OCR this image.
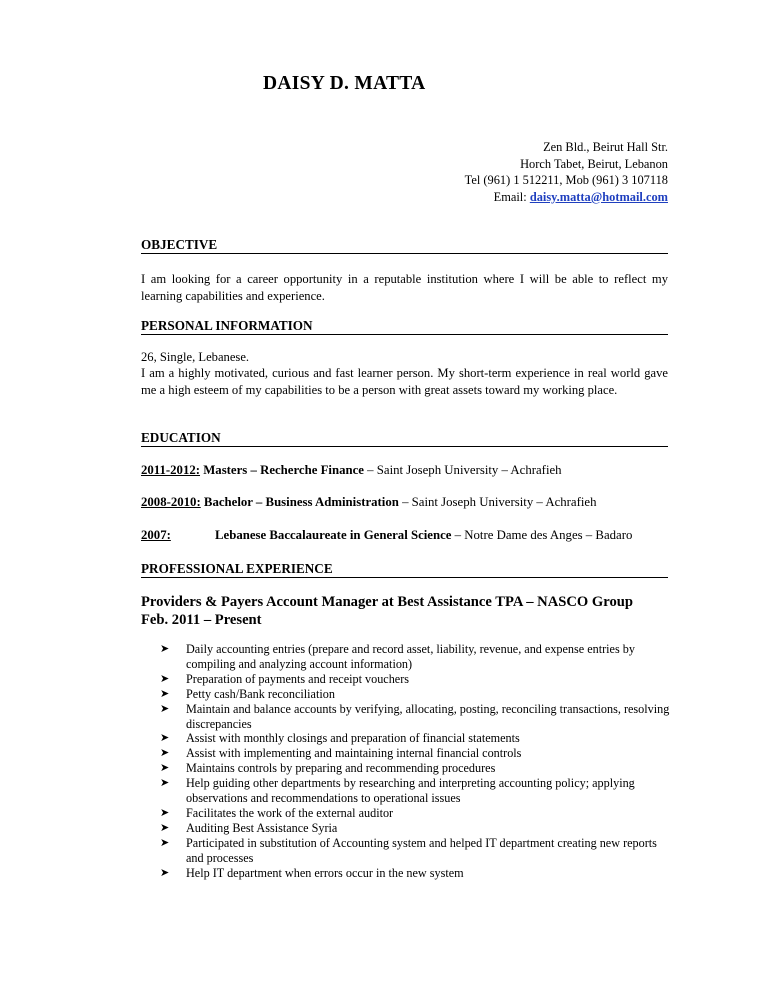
DAISY D. MATTA
Zen Bld., Beirut Hall Str.
Horch Tabet, Beirut, Lebanon
Tel (961) 1 512211, Mob (961) 3 107118
Email: daisy.matta@hotmail.com
OBJECTIVE
I am looking for a career opportunity in a reputable institution where I will be able to reflect my learning capabilities and experience.
PERSONAL INFORMATION
26, Single, Lebanese.
I am a highly motivated, curious and fast learner person. My short-term experience in real world gave me a high esteem of my capabilities to be a person with great assets toward my working place.
EDUCATION
2011-2012: Masters – Recherche Finance – Saint Joseph University – Achrafieh
2008-2010: Bachelor – Business Administration – Saint Joseph University – Achrafieh
2007:	Lebanese Baccalaureate in General Science – Notre Dame des Anges – Badaro
PROFESSIONAL EXPERIENCE
Providers & Payers Account Manager at Best Assistance TPA – NASCO Group
Feb. 2011 – Present
➤	Daily accounting entries (prepare and record asset, liability, revenue, and expense entries by compiling and analyzing account information)
➤	Preparation of payments and receipt vouchers
➤	Petty cash/Bank reconciliation
➤	Maintain and balance accounts by verifying, allocating, posting, reconciling transactions, resolving discrepancies
➤	Assist with monthly closings and preparation of financial statements
➤	Assist with implementing and maintaining internal financial controls
➤	Maintains controls by preparing and recommending procedures
➤	Help guiding other departments by researching and interpreting accounting policy; applying observations and recommendations to operational issues
➤	Facilitates the work of the external auditor
➤	Auditing Best Assistance Syria
➤	Participated in substitution of Accounting system and helped IT department creating new reports and processes
➤	Help IT department when errors occur in the new system
